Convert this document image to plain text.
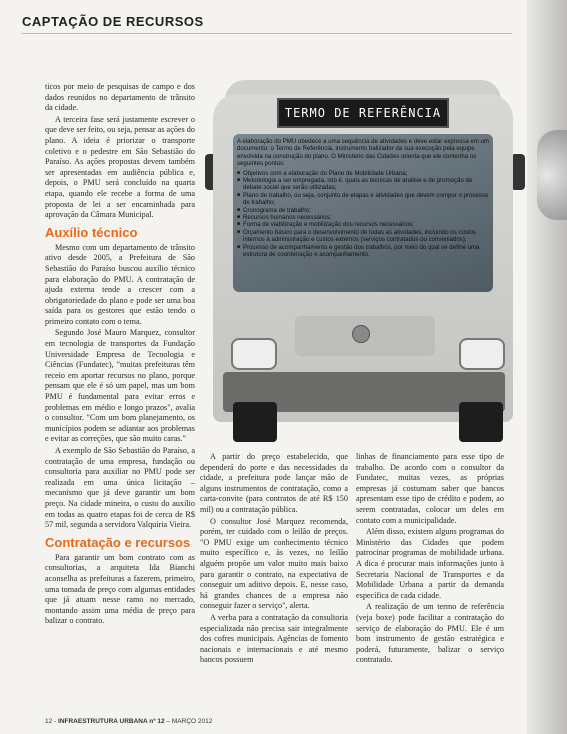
CAPTAÇÃO DE RECURSOS

ticos por meio de pesquisas de campo e dos dados reunidos no departamento de trânsito da cidade.

A terceira fase será justamente escrever o que deve ser feito, ou seja, pensar as ações do plano. A ideia é priorizar o transporte coletivo e o pedestre em São Sebastião do Paraíso. As ações propostas devem também ser apresentadas em audiência pública e, depois, o PMU será concluído na quarta etapa, quando ele recebe a forma de uma proposta de lei a ser encaminhada para aprovação da Câmara Municipal.

Auxílio técnico

Mesmo com um departamento de trânsito ativo desde 2005, a Prefeitura de São Sebastião do Paraíso buscou auxílio técnico para elaboração do PMU. A contratação de ajuda externa tende a crescer com a obrigatoriedade do plano e pode ser uma boa saída para os gestores que estão tendo o primeiro contato com o tema.

Segundo José Mauro Marquez, consultor em tecnologia de transportes da Fundação Universidade Empresa de Tecnologia e Ciências (Fundatec), "muitas prefeituras têm receio em aportar recursos no plano, porque pensam que ele é só um papel, mas um bom PMU é fundamental para evitar erros e problemas em médio e longo prazos", avalia o consultor. "Com um bom planejamento, os municípios podem se adiantar aos problemas e evitar as correções, que são muito caras."

A exemplo de São Sebastião do Paraíso, a contratação de uma empresa, fundação ou consultoria para auxiliar no PMU pode ser realizada em uma única licitação – mecanismo que já deve garantir um bom preço. Na cidade mineira, o custo do auxílio em todas as quatro etapas foi de cerca de R$ 57 mil, segunda a servidora Valquíria Vieira.

Contratação e recursos

Para garantir um bom contrato com as consultorias, a arquiteta Ida Bianchi aconselha as prefeituras a fazerem, primeiro, uma tomada de preço com algumas entidades que já atuam nesse ramo no mercado, montando assim uma média de preço para balizar o contrato.

TERMO DE REFERÊNCIA

A elaboração do PMU obedece a uma sequência de atividades e deve estar expressa em um documento: o Termo de Referência, instrumento balizador da sua execução pela equipe envolvida na construção do plano. O Ministério das Cidades orienta que ele contenha os seguintes pontos:

■ Objetivos com a elaboração do Plano de Mobilidade Urbana;
■ Metodologia a ser empregada, isto é, quais as técnicas de análise e de promoção de debate social que serão utilizadas;
■ Plano de trabalho, ou seja, conjunto de etapas e atividades que devem compor o processo de trabalho;
■ Cronograma de trabalho;
■ Recursos humanos necessários;
■ Forma de viabilização e mobilização dos recursos necessários;
■ Orçamento básico para o desenvolvimento de todas as atividades, incluindo os custos internos à administração e custos externos (serviços contratados ou conveniados);
■ Processo de acompanhamento e gestão dos trabalhos, por meio do qual se define uma estrutura de coordenação e acompanhamento.

A partir do preço estabelecido, que dependerá do porte e das necessidades da cidade, a prefeitura pode lançar mão de alguns instrumentos de contratação, como a carta-convite (para contratos de até R$ 150 mil) ou a contratação pública.

O consultor José Marquez recomenda, porém, ter cuidado com o leilão de preços. "O PMU exige um conhecimento técnico muito específico e, às vezes, no leilão alguém propõe um valor muito mais baixo para garantir o contrato, na expectativa de conseguir um aditivo depois. E, nesse caso, há grandes chances de a empresa não conseguir fazer o serviço", alerta.

A verba para a contratação da consultoria especializada não precisa sair integralmente dos cofres municipais. Agências de fomento nacionais e internacionais e até mesmo bancos possuem

linhas de financiamento para esse tipo de trabalho. De acordo com o consultor da Fundatec, muitas vezes, as próprias empresas já costumam saber que bancos apresentam esse tipo de crédito e podem, ao serem contratadas, colocar um deles em contato com a municipalidade.

Além disso, existem alguns programas do Ministério das Cidades que podem patrocinar programas de mobilidade urbana. A dica é procurar mais informações junto à Secretaria Nacional de Transportes e da Mobilidade Urbana a partir da demanda específica de cada cidade.

A realização de um termo de referência (veja boxe) pode facilitar a contratação do serviço de elaboração do PMU. Ele é um bom instrumento de gestão estratégica e poderá, futuramente, balizar o serviço contratado.

12 - INFRAESTRUTURA URBANA nº 12 – MARÇO 2012
